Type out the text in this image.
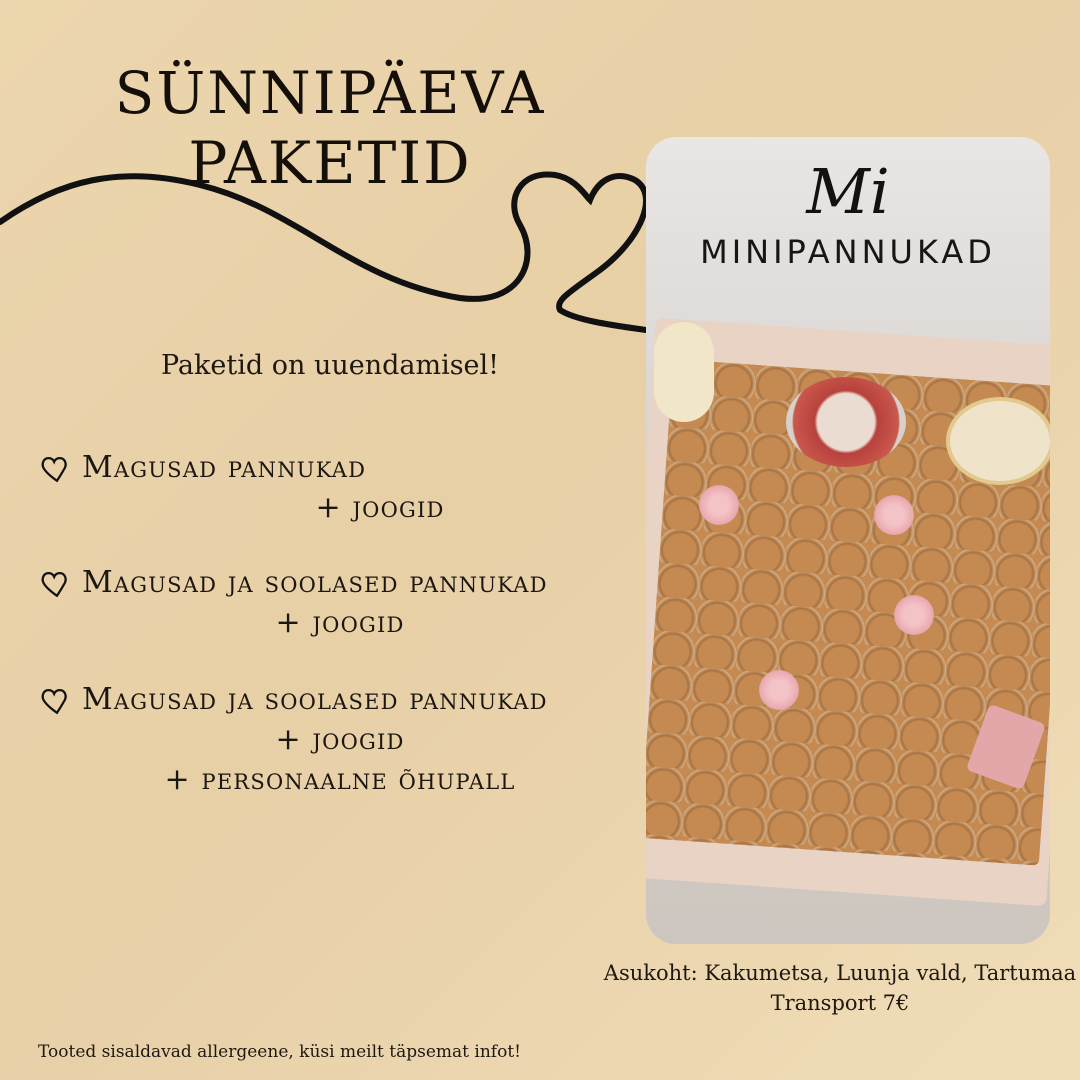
SÜNNIPÄEVA
PAKETID
Paketid on uuendamisel!
Magusad pannukad
+ joogid
Magusad ja soolased pannukad
+ joogid
Magusad ja soolased pannukad
+ joogid
+ personaalne õhupall
Mi
MINIPANNUKAD
Asukoht: Kakumetsa, Luunja vald, Tartumaa
Transport 7€
Tooted sisaldavad allergeene, küsi meilt täpsemat infot!
